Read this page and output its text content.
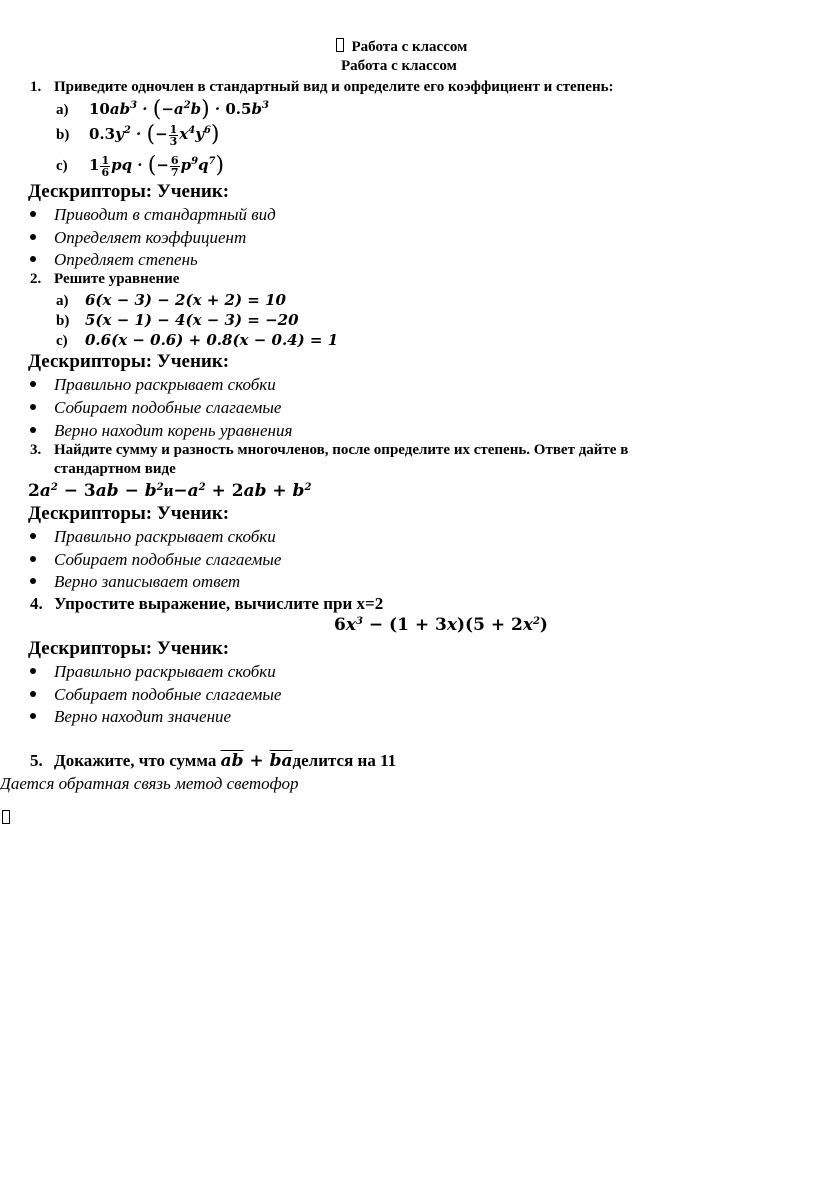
Работа с классом
Работа с классом
1. Приведите одночлен в стандартный вид и определите его коэффициент и степень:
a) $10ab^3 \cdot (-a^2b) \cdot 0.5b^3$
b) $0.3y^2$ · (− $\frac{1}{3} x^4y^6$)
c) $1 \frac{1}{6}$ pq · (− $\frac{6}{7} p^9q^7$)
Дескрипторы: Ученик:
Приводит в стандартный вид
Определяет коэффициент
Опредляет степень
2. Решите уравнение
a) 6(x − 3) − 2(x + 2) = 10
b) 5(x − 1) − 4(x − 3) = −20
c) 0.6(x − 0.6) + 0.8(x − 0.4) = 1
Дескрипторы: Ученик:
Правильно раскрывает скобки
Собирает подобные слагаемые
Верно находит корень уравнения
3. Найдите сумму и разность многочленов, после определите их степень. Ответ дайте в
стандартном виде
$2a^2 - 3ab - b^2и-a^2 + 2ab + b^2$
Дескрипторы: Ученик:
Правильно раскрывает скобки
Собирает подобные слагаемые
Верно записывает ответ
4. Упростите выражение, вычислите при x=2
$6x^3 - (1 + 3x)(5 + 2x^2)$
Дескрипторы: Ученик:
Правильно раскрывает скобки
Собирает подобные слагаемые
Верно находит значение
5. Докажите, что сумма $\overline{ab}$ + $\overline{ba}делится$ на 11
Дается обратная связь метод светофор
